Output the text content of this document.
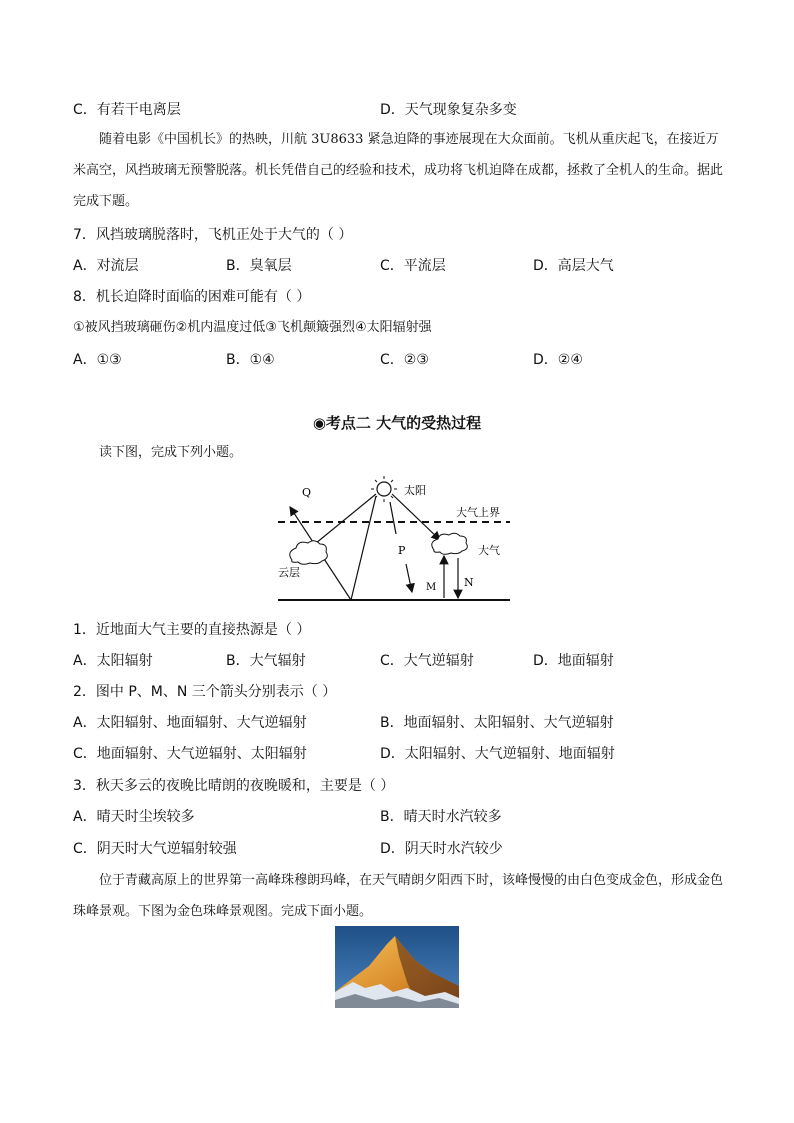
C．有若干电离层	D．天气现象复杂多变
随着电影《中国机长》的热映，川航 3U8633 紧急迫降的事迹展现在大众面前。飞机从重庆起飞，在接近万米高空，风挡玻璃无预警脱落。机长凭借自己的经验和技术，成功将飞机迫降在成都，拯救了全机人的生命。据此完成下题。
7．风挡玻璃脱落时，飞机正处于大气的（ ）
A．对流层	B．臭氧层	C．平流层	D．高层大气
8．机长迫降时面临的困难可能有（ ）
①被风挡玻璃砸伤②机内温度过低③飞机颠簸强烈④太阳辐射强
A．①③	B．①④	C．②③	D．②④
◉考点二 大气的受热过程
读下图，完成下列小题。
Q	太阳
大气上界
大气
P
云层
M	N
1．近地面大气主要的直接热源是（ ）
A．太阳辐射	B．大气辐射	C．大气逆辐射	D．地面辐射
2．图中 P、M、N 三个箭头分别表示（ ）
A．太阳辐射、地面辐射、大气逆辐射	B．地面辐射、太阳辐射、大气逆辐射
C．地面辐射、大气逆辐射、太阳辐射	D．太阳辐射、大气逆辐射、地面辐射
3．秋天多云的夜晚比晴朗的夜晚暖和，主要是（ ）
A．晴天时尘埃较多	B．晴天时水汽较多
C．阴天时大气逆辐射较强	D．阴天时水汽较少
位于青藏高原上的世界第一高峰珠穆朗玛峰，在天气晴朗夕阳西下时，该峰慢慢的由白色变成金色，形成金色珠峰景观。下图为金色珠峰景观图。完成下面小题。
